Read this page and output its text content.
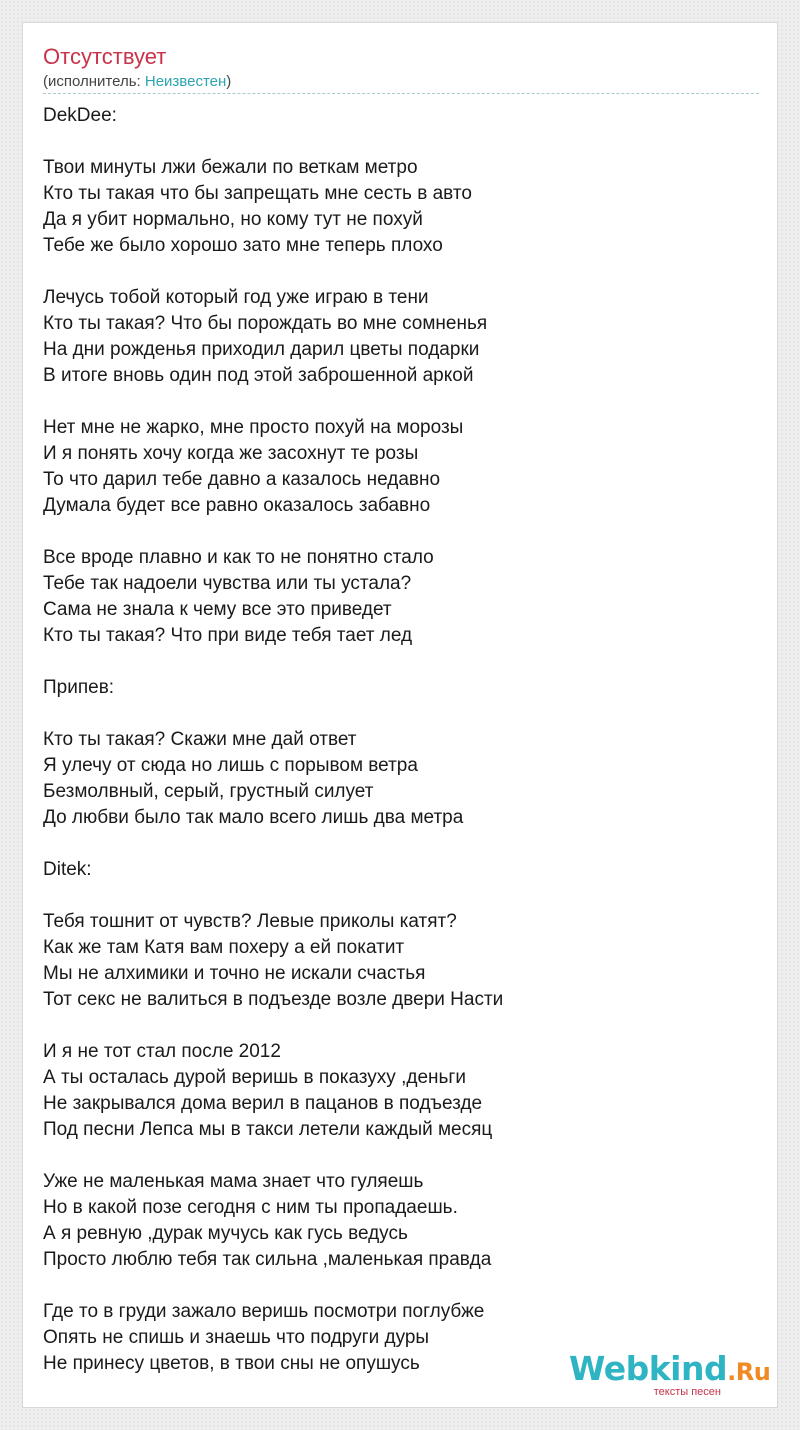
Отсутствует
(исполнитель: Неизвестен)
DekDee:
Твои минуты лжи бежали по веткам метро
Кто ты такая что бы запрещать мне сесть в авто
Да я убит нормально, но кому тут не похуй
Тебе же было хорошо зато мне теперь плохо
Лечусь тобой который год уже играю в тени
Кто ты такая? Что бы порождать во мне сомненья
На дни рожденья приходил дарил цветы подарки
В итоге вновь один под этой заброшенной аркой
Нет мне не жарко, мне просто похуй на морозы
И я понять хочу когда же засохнут те розы
То что дарил тебе давно а казалось недавно
Думала будет все равно оказалось забавно
Все вроде плавно и как то не понятно стало
Тебе так надоели чувства или ты устала?
Сама не знала к чему все это приведет
Кто ты такая? Что при виде тебя тает лед
Припев:
Кто ты такая? Скажи мне дай ответ
Я улечу от сюда но лишь с порывом ветра
Безмолвный, серый, грустный силует
До любви было так мало всего лишь два метра
Ditek:
Тебя тошнит от чувств? Левые приколы катят?
Как же там Катя вам похеру а ей покатит
Мы не алхимики и точно не искали счастья
Тот секс не валиться в подъезде возле двери Насти
И я не тот стал после 2012
А ты осталась дурой веришь в показуху ,деньги
Не закрывался дома верил в пацанов в подъезде
Под песни Лепса мы в такси летели каждый месяц
Уже не маленькая мама знает что гуляешь
Но в какой позе сегодня с ним ты пропадаешь.
А я ревную ,дурак мучусь как гусь ведусь
Просто люблю тебя так сильна ,маленькая правда
Где то в груди зажало веришь посмотри поглубже
Опять не спишь и знаешь что подруги дуры
Не принесу цветов, в твои сны не опушусь	Webkind.Ru
тексты песен
